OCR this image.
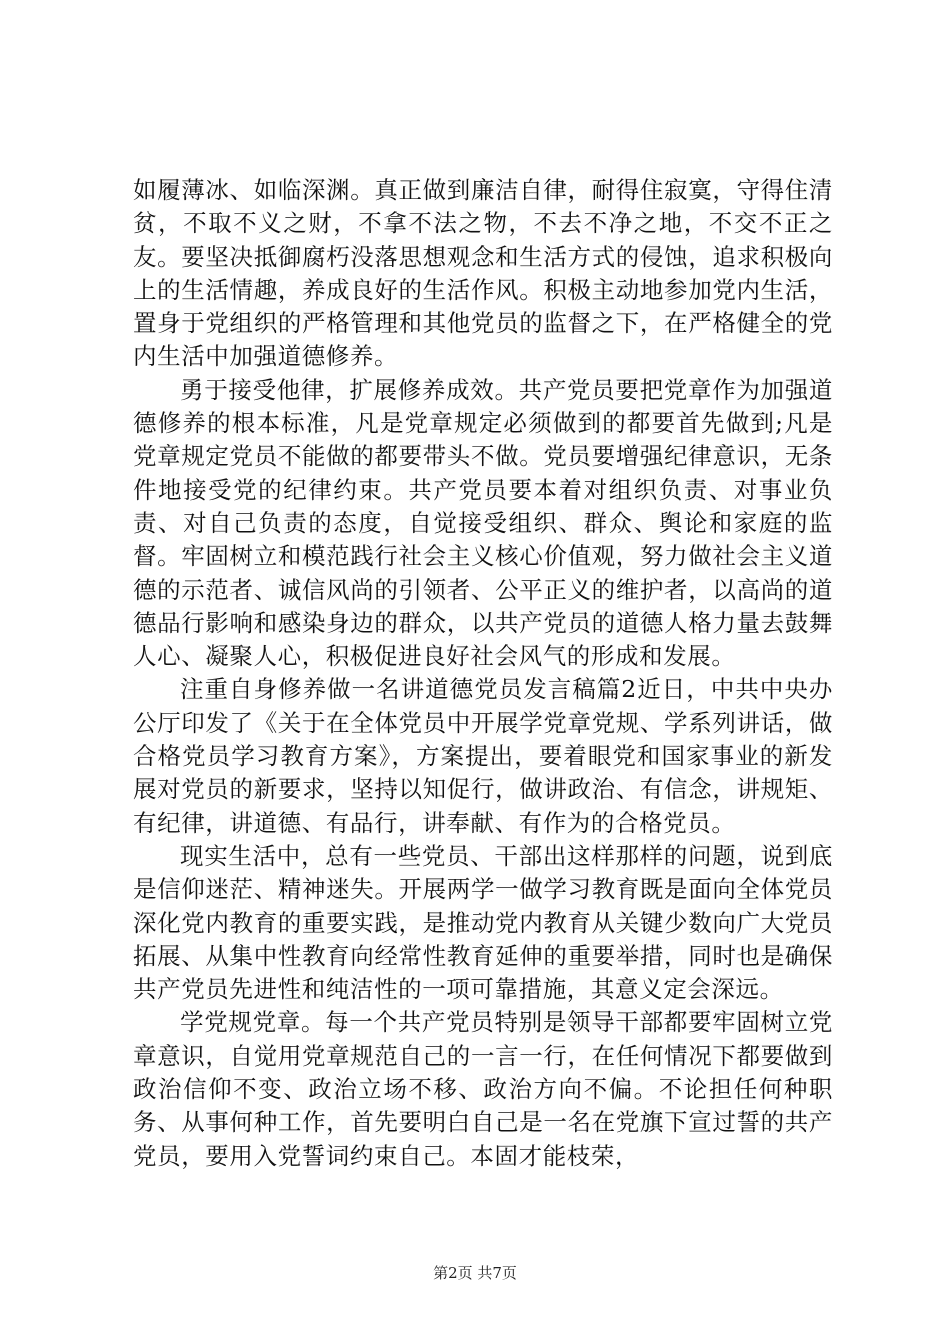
如履薄冰、如临深渊。真正做到廉洁自律，耐得住寂寞，守得住清贫，不取不义之财，不拿不法之物，不去不净之地，不交不正之友。要坚决抵御腐朽没落思想观念和生活方式的侵蚀，追求积极向上的生活情趣，养成良好的生活作风。积极主动地参加党内生活，置身于党组织的严格管理和其他党员的监督之下，在严格健全的党内生活中加强道德修养。

勇于接受他律，扩展修养成效。共产党员要把党章作为加强道德修养的根本标准，凡是党章规定必须做到的都要首先做到;凡是党章规定党员不能做的都要带头不做。党员要增强纪律意识，无条件地接受党的纪律约束。共产党员要本着对组织负责、对事业负责、对自己负责的态度，自觉接受组织、群众、舆论和家庭的监督。牢固树立和模范践行社会主义核心价值观，努力做社会主义道德的示范者、诚信风尚的引领者、公平正义的维护者，以高尚的道德品行影响和感染身边的群众，以共产党员的道德人格力量去鼓舞人心、凝聚人心，积极促进良好社会风气的形成和发展。

注重自身修养做一名讲道德党员发言稿篇2近日，中共中央办公厅印发了《关于在全体党员中开展学党章党规、学系列讲话，做合格党员学习教育方案》，方案提出，要着眼党和国家事业的新发展对党员的新要求，坚持以知促行，做讲政治、有信念，讲规矩、有纪律，讲道德、有品行，讲奉献、有作为的合格党员。

现实生活中，总有一些党员、干部出这样那样的问题，说到底是信仰迷茫、精神迷失。开展两学一做学习教育既是面向全体党员深化党内教育的重要实践，是推动党内教育从关键少数向广大党员拓展、从集中性教育向经常性教育延伸的重要举措，同时也是确保共产党员先进性和纯洁性的一项可靠措施，其意义定会深远。

学党规党章。每一个共产党员特别是领导干部都要牢固树立党章意识，自觉用党章规范自己的一言一行，在任何情况下都要做到政治信仰不变、政治立场不移、政治方向不偏。不论担任何种职务、从事何种工作，首先要明白自己是一名在党旗下宣过誓的共产党员，要用入党誓词约束自己。本固才能枝荣，

第2页 共7页
